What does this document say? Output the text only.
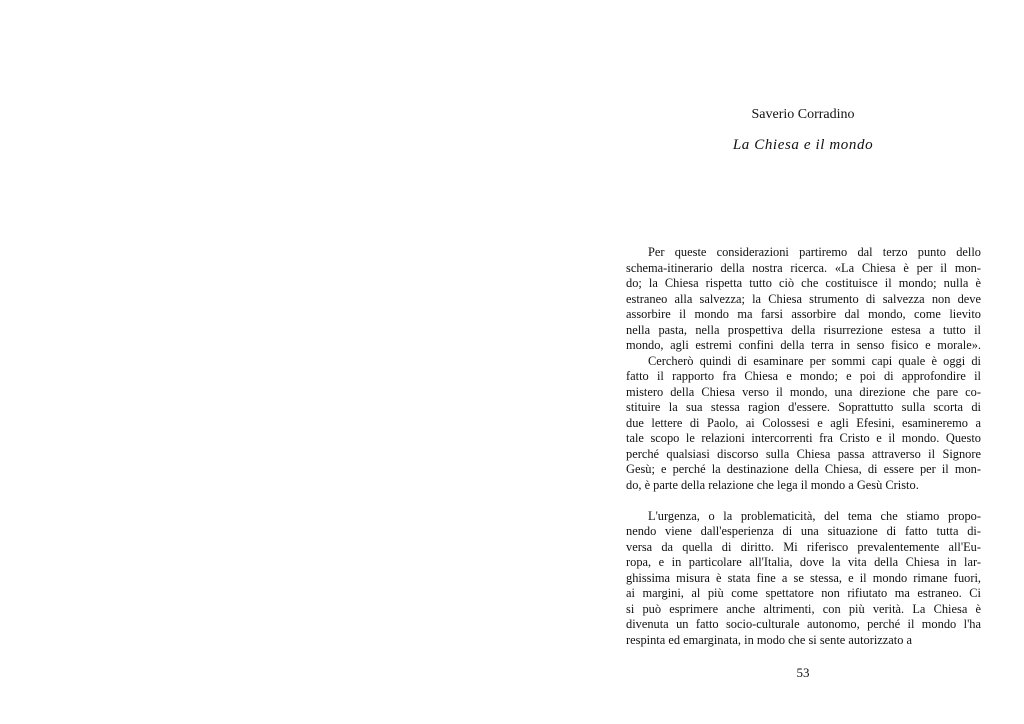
Saverio Corradino
La Chiesa e il mondo
Per queste considerazioni partiremo dal terzo punto dello
schema-itinerario della nostra ricerca. «La Chiesa è per il mon-
do; la Chiesa rispetta tutto ciò che costituisce il mondo; nulla è
estraneo alla salvezza; la Chiesa strumento di salvezza non deve
assorbire il mondo ma farsi assorbire dal mondo, come lievito
nella pasta, nella prospettiva della risurrezione estesa a tutto il
mondo, agli estremi confini della terra in senso fisico e morale».
Cercherò quindi di esaminare per sommi capi quale è oggi di
fatto il rapporto fra Chiesa e mondo; e poi di approfondire il
mistero della Chiesa verso il mondo, una direzione che pare co-
stituire la sua stessa ragion d'essere. Soprattutto sulla scorta di
due lettere di Paolo, ai Colossesi e agli Efesini, esamineremo a
tale scopo le relazioni intercorrenti fra Cristo e il mondo. Questo
perché qualsiasi discorso sulla Chiesa passa attraverso il Signore
Gesù; e perché la destinazione della Chiesa, di essere per il mon-
do, è parte della relazione che lega il mondo a Gesù Cristo.
L'urgenza, o la problematicità, del tema che stiamo propo-
nendo viene dall'esperienza di una situazione di fatto tutta di-
versa da quella di diritto. Mi riferisco prevalentemente all'Eu-
ropa, e in particolare all'Italia, dove la vita della Chiesa in lar-
ghissima misura è stata fine a se stessa, e il mondo rimane fuori,
ai margini, al più come spettatore non rifiutato ma estraneo. Ci
si può esprimere anche altrimenti, con più verità. La Chiesa è
divenuta un fatto socio-culturale autonomo, perché il mondo l'ha
respinta ed emarginata, in modo che si sente autorizzato a
53
